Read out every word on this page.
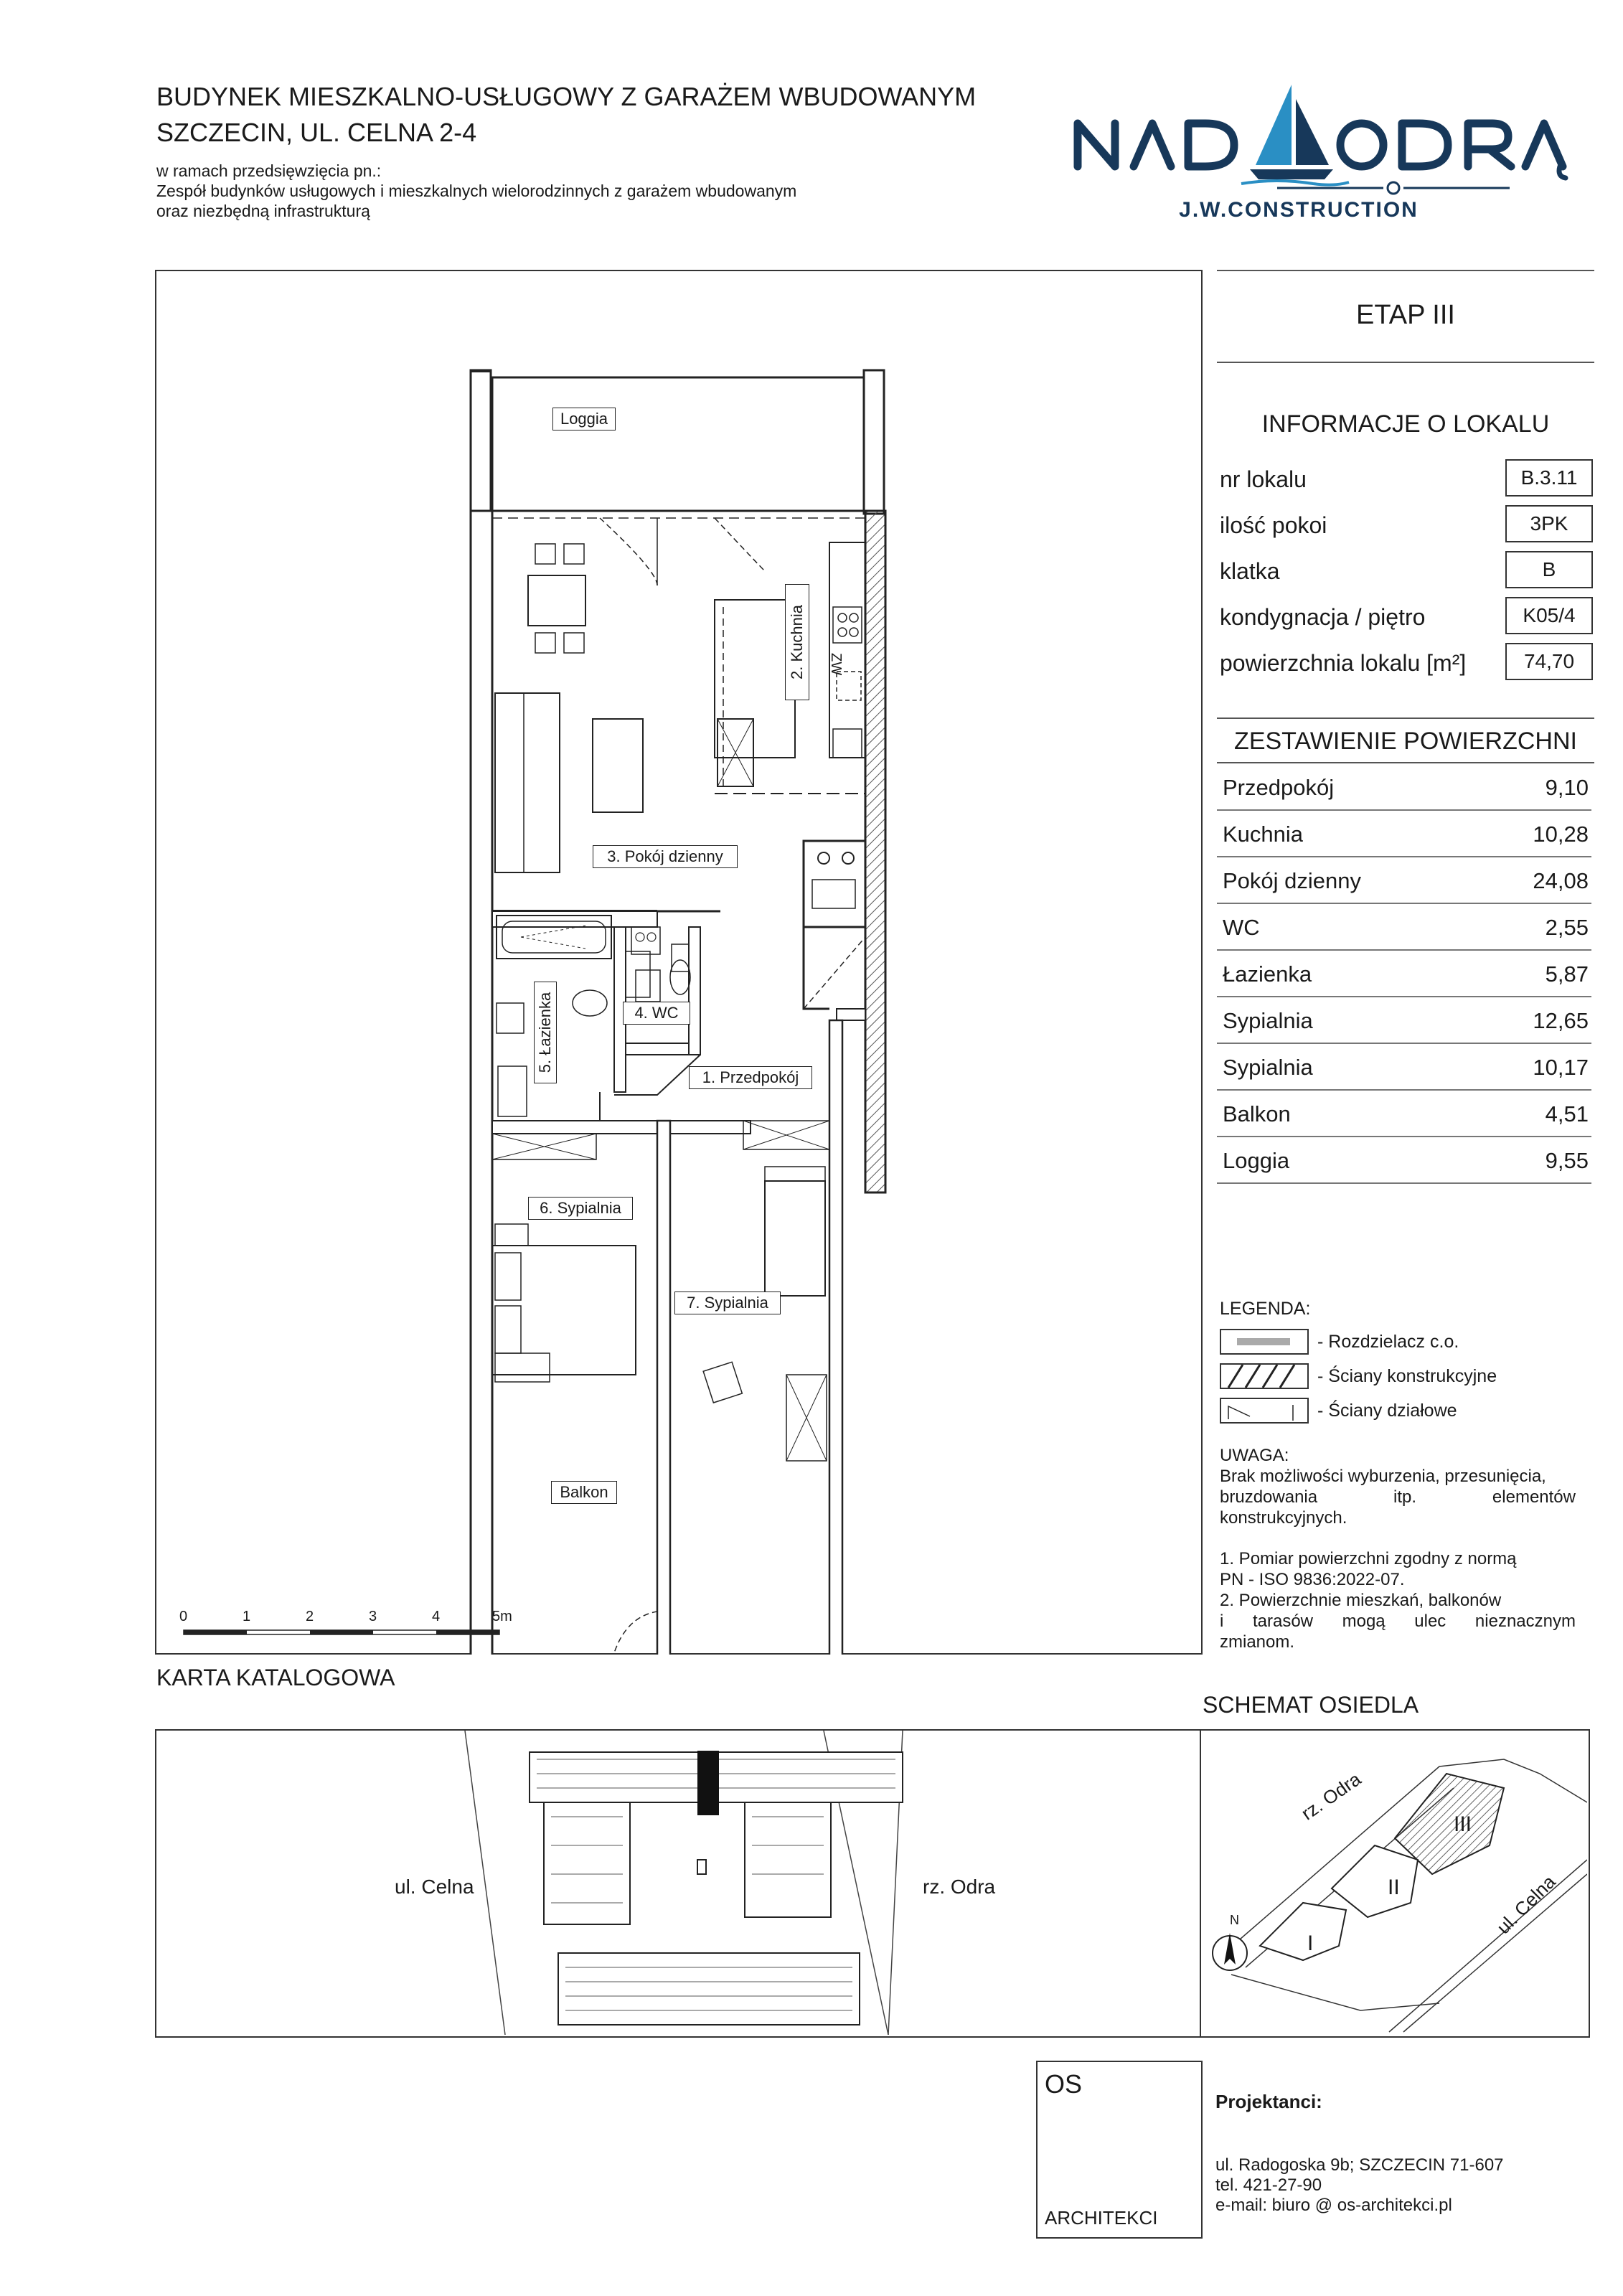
BUDYNEK MIESZKALNO-USŁUGOWY Z GARAŻEM WBUDOWANYM
SZCZECIN, UL. CELNA 2-4
w ramach przedsięwzięcia pn.:
Zespół budynków usługowych i mieszkalnych wielorodzinnych z garażem wbudowanym
oraz niezbędną infrastrukturą	J.W.CONSTRUCTION
Loggia
2. Kuchnia ZW
3. Pokój dzienny
4. WC
5. Łazienka
1. Przedpokój
6. Sypialnia
7. Sypialnia
Balkon
0	1	2	3	4	5m
ETAP III
INFORMACJE O LOKALU
nr lokalu	B.3.11
ilość pokoi	3PK
klatka	B
kondygnacja / piętro	K05/4
powierzchnia lokalu [m²]	74,70
ZESTAWIENIE POWIERZCHNI
Przedpokój	9,10
Kuchnia	10,28
Pokój dzienny	24,08
WC	2,55
Łazienka	5,87
Sypialnia	12,65
Sypialnia	10,17
Balkon	4,51
Loggia	9,55
LEGENDA:
- Rozdzielacz c.o.
- Ściany konstrukcyjne
- Ściany działowe
UWAGA:
Brak możliwości wyburzenia, przesunięcia,
bruzdowania itp. elementów
konstrukcyjnych.
1. Pomiar powierzchni zgodny z normą
PN - ISO 9836:2022-07.
2. Powierzchnie mieszkań, balkonów
i tarasów mogą ulec nieznacznym
zmianom.
KARTA KATALOGOWA
SCHEMAT OSIEDLA
ul. Celna	rz. Odra
N
rz. Odra
ul. Celna
I
II
III
OS
ARCHITEKCI
Projektanci:
ul. Radogoska 9b; SZCZECIN 71-607
tel. 421-27-90
e-mail: biuro @ os-architekci.pl
